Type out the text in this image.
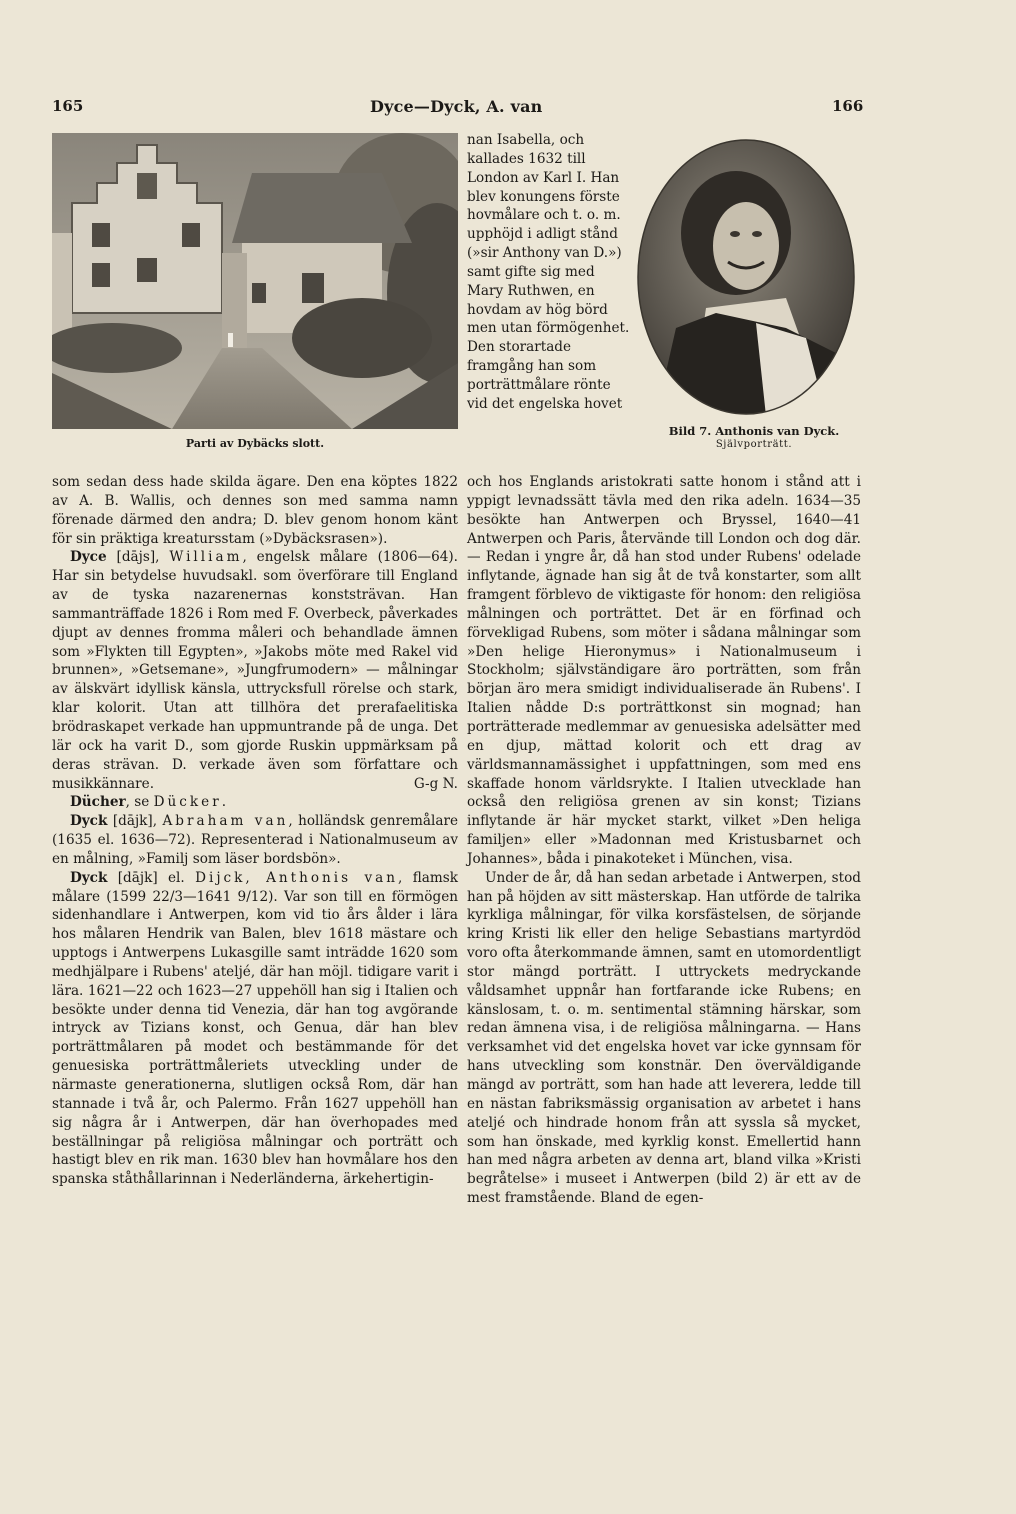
165	Dyce—Dyck, A. van	166
Parti av Dybäcks slott.
Bild 7. Anthonis van Dyck.
Självporträtt.

som sedan dess hade skilda ägare. Den ena köptes 1822 av A. B. Wallis, och dennes son med samma namn förenade därmed den andra; D. blev genom honom känt för sin präktiga kreatursstam (»Dybäcksrasen»).

Dyce [dājs], William, engelsk målare (1806—64). Har sin betydelse huvudsakl. som överförare till England av de tyska nazarenernas konststrävan. Han sammanträffade 1826 i Rom med F. Overbeck, påverkades djupt av dennes fromma måleri och behandlade ämnen som »Flykten till Egypten», »Jakobs möte med Rakel vid brunnen», »Getsemane», »Jungfrumodern» — målningar av älskvärt idyllisk känsla, uttrycksfull rörelse och stark, klar kolorit. Utan att tillhöra det prerafaelitiska brödraskapet verkade han uppmuntrande på de unga. Det lär ock ha varit D., som gjorde Ruskin uppmärksam på deras strävan. D. verkade även som författare och musikkännare.	G-g N.

Dücher, se Dücker.

Dyck [dājk], Abraham van, holländsk genremålare (1635 el. 1636—72). Representerad i Nationalmuseum av en målning, »Familj som läser bordsbön».

Dyck [dājk] el. Dijck, Anthonis van, flamsk målare (1599 22/3—1641 9/12). Var son till en förmögen sidenhandlare i Antwerpen, kom vid tio års ålder i lära hos målaren Hendrik van Balen, blev 1618 mästare och upptogs i Antwerpens Lukasgille samt inträdde 1620 som medhjälpare i Rubens' ateljé, där han möjl. tidigare varit i lära. 1621—22 och 1623—27 uppehöll han sig i Italien och besökte under denna tid Venezia, där han tog avgörande intryck av Tizians konst, och Genua, där han blev porträttmålaren på modet och bestämmande för det genuesiska porträttmåleriets utveckling under de närmaste generationerna, slutligen också Rom, där han stannade i två år, och Palermo. Från 1627 uppehöll han sig några år i Antwerpen, där han överhopades med beställningar på religiösa målningar och porträtt och hastigt blev en rik man. 1630 blev han hovmålare hos den spanska ståthållarinnan i Nederländerna, ärkehertigin-

nan Isabella, och kallades 1632 till London av Karl I. Han blev konungens förste hovmålare och t. o. m. upphöjd i adligt stånd (»sir Anthony van D.») samt gifte sig med Mary Ruthwen, en hovdam av hög börd men utan förmögenhet. Den storartade framgång han som porträttmålare rönte vid det engelska hovet

och hos Englands aristokrati satte honom i stånd att i yppigt levnadssätt tävla med den rika adeln. 1634—35 besökte han Antwerpen och Bryssel, 1640—41 Antwerpen och Paris, återvände till London och dog där. — Redan i yngre år, då han stod under Rubens' odelade inflytande, ägnade han sig åt de två konstarter, som allt framgent förblevo de viktigaste för honom: den religiösa målningen och porträttet. Det är en förfinad och förvekligad Rubens, som möter i sådana målningar som »Den helige Hieronymus» i Nationalmuseum i Stockholm; självständigare äro porträtten, som från början äro mera smidigt individualiserade än Rubens'. I Italien nådde D:s porträttkonst sin mognad; han porträtterade medlemmar av genuesiska adelsätter med en djup, mättad kolorit och ett drag av världsmannamässighet i uppfattningen, som med ens skaffade honom världsrykte. I Italien utvecklade han också den religiösa grenen av sin konst; Tizians inflytande är här mycket starkt, vilket »Den heliga familjen» eller »Madonnan med Kristusbarnet och Johannes», båda i pinakoteket i München, visa.

Under de år, då han sedan arbetade i Antwerpen, stod han på höjden av sitt mästerskap. Han utförde de talrika kyrkliga målningar, för vilka korsfästelsen, de sörjande kring Kristi lik eller den helige Sebastians martyrdöd voro ofta återkommande ämnen, samt en utomordentligt stor mängd porträtt. I uttryckets medryckande våldsamhet uppnår han fortfarande icke Rubens; en känslosam, t. o. m. sentimental stämning härskar, som redan ämnena visa, i de religiösa målningarna. — Hans verksamhet vid det engelska hovet var icke gynnsam för hans utveckling som konstnär. Den överväldigande mängd av porträtt, som han hade att leverera, ledde till en nästan fabriksmässig organisation av arbetet i hans ateljé och hindrade honom från att syssla så mycket, som han önskade, med kyrklig konst. Emellertid hann han med några arbeten av denna art, bland vilka »Kristi begråtelse» i museet i Antwerpen (bild 2) är ett av de mest framstående. Bland de egen-
